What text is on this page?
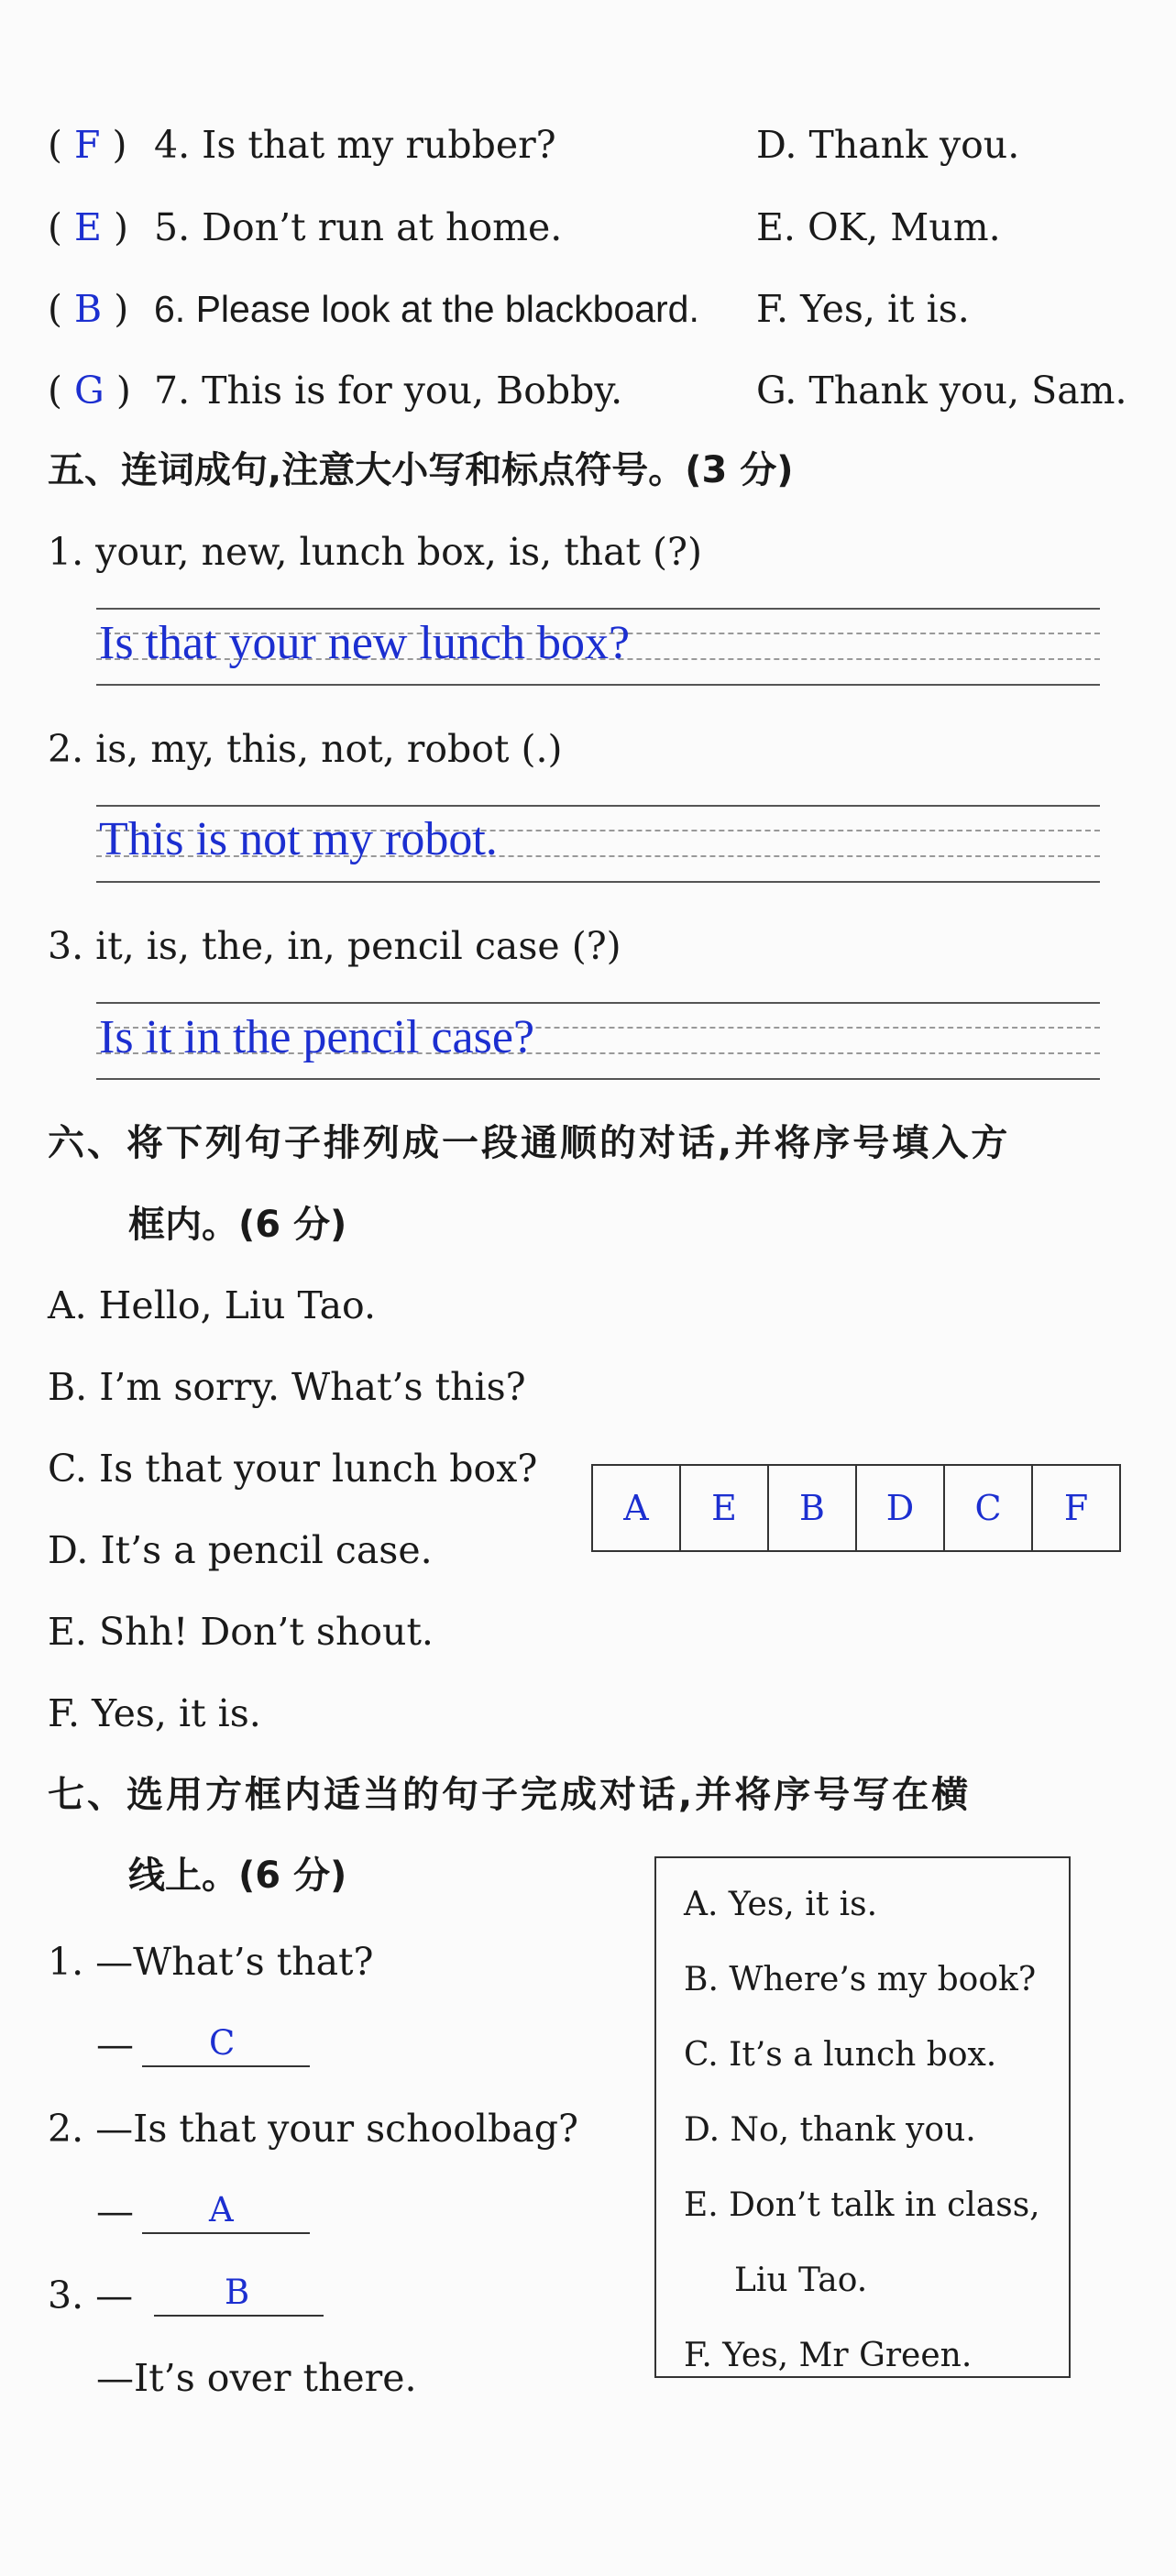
( F ) 4. Is that my rubber?	D. Thank you.
( E ) 5. Don’t run at home.	E. OK, Mum.
( B ) 6. Please look at the blackboard. F. Yes, it is.
( G ) 7. This is for you, Bobby.	G. Thank you, Sam.
五、连词成句,注意大小写和标点符号。(3 分)
1. your, new, lunch box, is, that (?)
Is that your new lunch box?
2. is, my, this, not, robot (.)
This is not my robot.
3. it, is, the, in, pencil case (?)
Is it in the pencil case?
六、将下列句子排列成一段通顺的对话,并将序号填入方
框内。(6 分)
A. Hello, Liu Tao.
B. I’m sorry. What’s this?
C. Is that your lunch box?
D. It’s a pencil case.
E. Shh! Don’t shout.
F. Yes, it is.
A	E	B	D	C	F
七、选用方框内适当的句子完成对话,并将序号写在横
线上。(6 分)
1. —What’s that?
— C
2. —Is that your schoolbag?
— A
3. —	B
—It’s over there.
A. Yes, it is.
B. Where’s my book?
C. It’s a lunch box.
D. No, thank you.
E. Don’t talk in class,
Liu Tao.
F. Yes, Mr Green.
